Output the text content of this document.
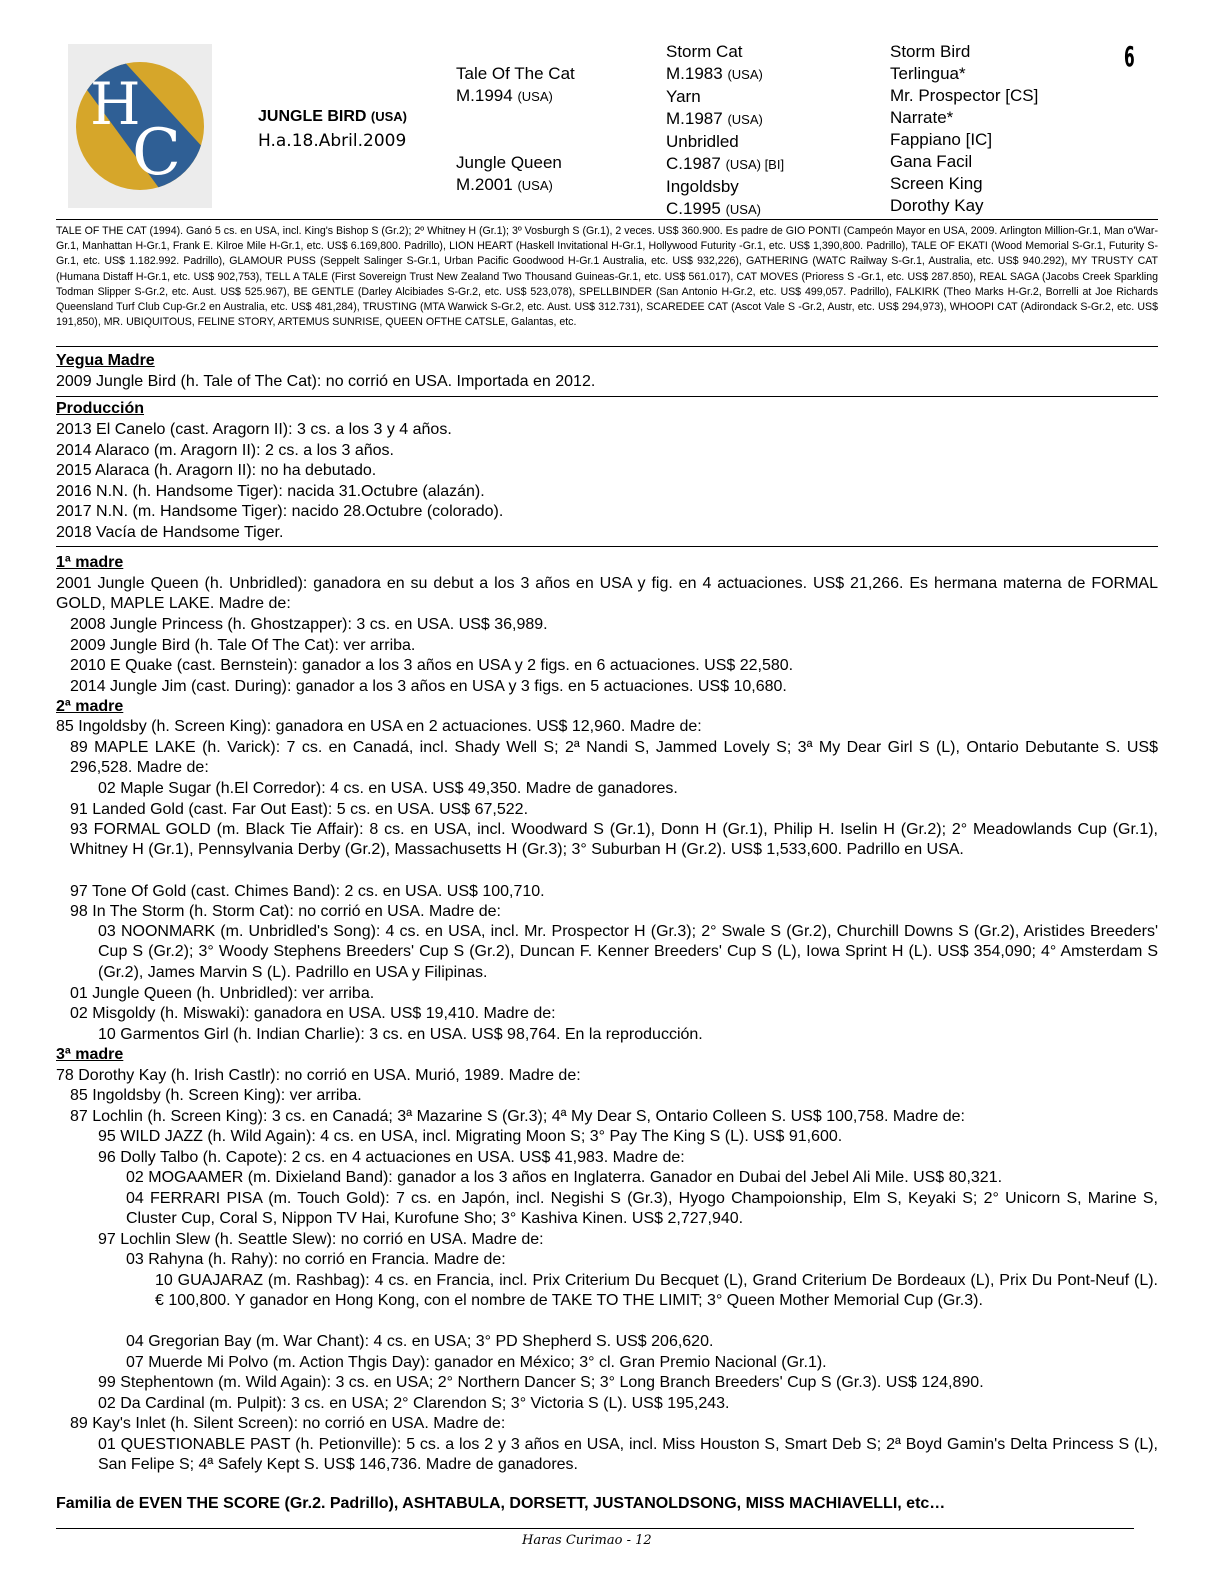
H
C	JUNGLE BIRD (USA)
H.a.18.Abril.2009
6
Tale Of The Cat
M.1994 (USA)
Jungle Queen
M.2001 (USA)
Storm Cat
M.1983 (USA)
Yarn
M.1987 (USA)
Unbridled
C.1987 (USA) [BI]
Ingoldsby
C.1995 (USA)
Storm Bird
Terlingua*
Mr. Prospector [CS]
Narrate*
Fappiano [IC]
Gana Facil
Screen King
Dorothy Kay
TALE OF THE CAT (1994). Ganó 5 cs. en USA, incl. King's Bishop S (Gr.2); 2º Whitney H (Gr.1); 3º Vosburgh S (Gr.1), 2 veces. US$ 360.900. Es padre de GIO PONTI (Campeón Mayor en USA, 2009. Arlington Million-Gr.1, Man o'War-Gr.1, Manhattan H-Gr.1, Frank E. Kilroe Mile H-Gr.1, etc. US$ 6.169,800. Padrillo), LION HEART (Haskell Invitational H-Gr.1, Hollywood Futurity -Gr.1, etc. US$ 1,390,800. Padrillo), TALE OF EKATI (Wood Memorial S-Gr.1, Futurity S-Gr.1, etc. US$ 1.182.992. Padrillo), GLAMOUR PUSS (Seppelt Salinger S-Gr.1, Urban Pacific Goodwood H-Gr.1 Australia, etc. US$ 932,226), GATHERING (WATC Railway S-Gr.1, Australia, etc. US$ 940.292), MY TRUSTY CAT (Humana Distaff H-Gr.1, etc. US$ 902,753), TELL A TALE (First Sovereign Trust New Zealand Two Thousand Guineas-Gr.1, etc. US$ 561.017), CAT MOVES (Prioress S -Gr.1, etc. US$ 287.850), REAL SAGA (Jacobs Creek Sparkling Todman Slipper S-Gr.2, etc. Aust. US$ 525.967), BE GENTLE (Darley Alcibiades S-Gr.2, etc. US$ 523,078), SPELLBINDER (San Antonio H-Gr.2, etc. US$ 499,057. Padrillo), FALKIRK (Theo Marks H-Gr.2, Borrelli at Joe Richards Queensland Turf Club Cup-Gr.2 en Australia, etc. US$ 481,284), TRUSTING (MTA Warwick S-Gr.2, etc. Aust. US$ 312.731), SCAREDEE CAT (Ascot Vale S -Gr.2, Austr, etc. US$ 294,973), WHOOPI CAT (Adirondack S-Gr.2, etc. US$ 191,850), MR. UBIQUITOUS, FELINE STORY, ARTEMUS SUNRISE, QUEEN OFTHE CATSLE, Galantas, etc.
Yegua Madre
2009 Jungle Bird (h. Tale of The Cat): no corrió en USA. Importada en 2012.
Producción
2013 El Canelo (cast. Aragorn II): 3 cs. a los 3 y 4 años.
2014 Alaraco (m. Aragorn II): 2 cs. a los 3 años.
2015 Alaraca (h. Aragorn II): no ha debutado.
2016 N.N. (h. Handsome Tiger): nacida 31.Octubre (alazán).
2017 N.N. (m. Handsome Tiger): nacido 28.Octubre (colorado).
2018 Vacía de Handsome Tiger.
1ª madre
2001 Jungle Queen (h. Unbridled): ganadora en su debut a los 3 años en USA y fig. en 4 actuaciones. US$ 21,266. Es hermana materna de FORMAL GOLD, MAPLE LAKE. Madre de:
2008 Jungle Princess (h. Ghostzapper): 3 cs. en USA. US$ 36,989.
2009 Jungle Bird (h. Tale Of The Cat): ver arriba.
2010 E Quake (cast. Bernstein): ganador a los 3 años en USA y 2 figs. en 6 actuaciones. US$ 22,580.
2014 Jungle Jim (cast. During): ganador a los 3 años en USA y 3 figs. en 5 actuaciones. US$ 10,680.
2ª madre
85 Ingoldsby (h. Screen King): ganadora en USA en 2 actuaciones. US$ 12,960. Madre de:
89 MAPLE LAKE (h. Varick): 7 cs. en Canadá, incl. Shady Well S; 2ª Nandi S, Jammed Lovely S; 3ª My Dear Girl S (L), Ontario Debutante S. US$ 296,528. Madre de:
02 Maple Sugar (h.El Corredor): 4 cs. en USA. US$ 49,350. Madre de ganadores.
91 Landed Gold (cast. Far Out East): 5 cs. en USA. US$ 67,522.
93 FORMAL GOLD (m. Black Tie Affair): 8 cs. en USA, incl. Woodward S (Gr.1), Donn H (Gr.1), Philip H. Iselin H (Gr.2); 2° Meadowlands Cup (Gr.1), Whitney H (Gr.1), Pennsylvania Derby (Gr.2), Massachusetts H (Gr.3); 3° Suburban H (Gr.2). US$ 1,533,600. Padrillo en USA.
97 Tone Of Gold (cast. Chimes Band): 2 cs. en USA. US$ 100,710.
98 In The Storm (h. Storm Cat): no corrió en USA. Madre de:
03 NOONMARK (m. Unbridled's Song): 4 cs. en USA, incl. Mr. Prospector H (Gr.3); 2° Swale S (Gr.2), Churchill Downs S (Gr.2), Aristides Breeders' Cup S (Gr.2); 3° Woody Stephens Breeders' Cup S (Gr.2), Duncan F. Kenner Breeders' Cup S (L), Iowa Sprint H (L). US$ 354,090; 4° Amsterdam S (Gr.2), James Marvin S (L). Padrillo en USA y Filipinas.
01 Jungle Queen (h. Unbridled): ver arriba.
02 Misgoldy (h. Miswaki): ganadora en USA. US$ 19,410. Madre de:
10 Garmentos Girl (h. Indian Charlie): 3 cs. en USA. US$ 98,764. En la reproducción.
3ª madre
78 Dorothy Kay (h. Irish Castlr): no corrió en USA. Murió, 1989. Madre de:
85 Ingoldsby (h. Screen King): ver arriba.
87 Lochlin (h. Screen King): 3 cs. en Canadá; 3ª Mazarine S (Gr.3); 4ª My Dear S, Ontario Colleen S. US$ 100,758. Madre de:
95 WILD JAZZ (h. Wild Again): 4 cs. en USA, incl. Migrating Moon S; 3° Pay The King S (L). US$ 91,600.
96 Dolly Talbo (h. Capote): 2 cs. en 4 actuaciones en USA. US$ 41,983. Madre de:
02 MOGAAMER (m. Dixieland Band): ganador a los 3 años en Inglaterra. Ganador en Dubai del Jebel Ali Mile. US$ 80,321.
04 FERRARI PISA (m. Touch Gold): 7 cs. en Japón, incl. Negishi S (Gr.3), Hyogo Champoionship, Elm S, Keyaki S; 2° Unicorn S, Marine S, Cluster Cup, Coral S, Nippon TV Hai, Kurofune Sho; 3° Kashiva Kinen. US$ 2,727,940.
97 Lochlin Slew (h. Seattle Slew): no corrió en USA. Madre de:
03 Rahyna (h. Rahy): no corrió en Francia. Madre de:
10 GUAJARAZ (m. Rashbag): 4 cs. en Francia, incl. Prix Criterium Du Becquet (L), Grand Criterium De Bordeaux (L), Prix Du Pont-Neuf (L). € 100,800. Y ganador en Hong Kong, con el nombre de TAKE TO THE LIMIT; 3° Queen Mother Memorial Cup (Gr.3).
04 Gregorian Bay (m. War Chant): 4 cs. en USA; 3° PD Shepherd S. US$ 206,620.
07 Muerde Mi Polvo (m. Action Thgis Day): ganador en México; 3° cl. Gran Premio Nacional (Gr.1).
99 Stephentown (m. Wild Again): 3 cs. en USA; 2° Northern Dancer S; 3° Long Branch Breeders' Cup S (Gr.3). US$ 124,890.
02 Da Cardinal (m. Pulpit): 3 cs. en USA; 2° Clarendon S; 3° Victoria S (L). US$ 195,243.
89 Kay's Inlet (h. Silent Screen): no corrió en USA. Madre de:
01 QUESTIONABLE PAST (h. Petionville): 5 cs. a los 2 y 3 años en USA, incl. Miss Houston S, Smart Deb S; 2ª Boyd Gamin's Delta Princess S (L), San Felipe S; 4ª Safely Kept S. US$ 146,736. Madre de ganadores.
Familia de EVEN THE SCORE (Gr.2. Padrillo), ASHTABULA, DORSETT, JUSTANOLDSONG, MISS MACHIAVELLI, etc…
Haras Curimao - 12
